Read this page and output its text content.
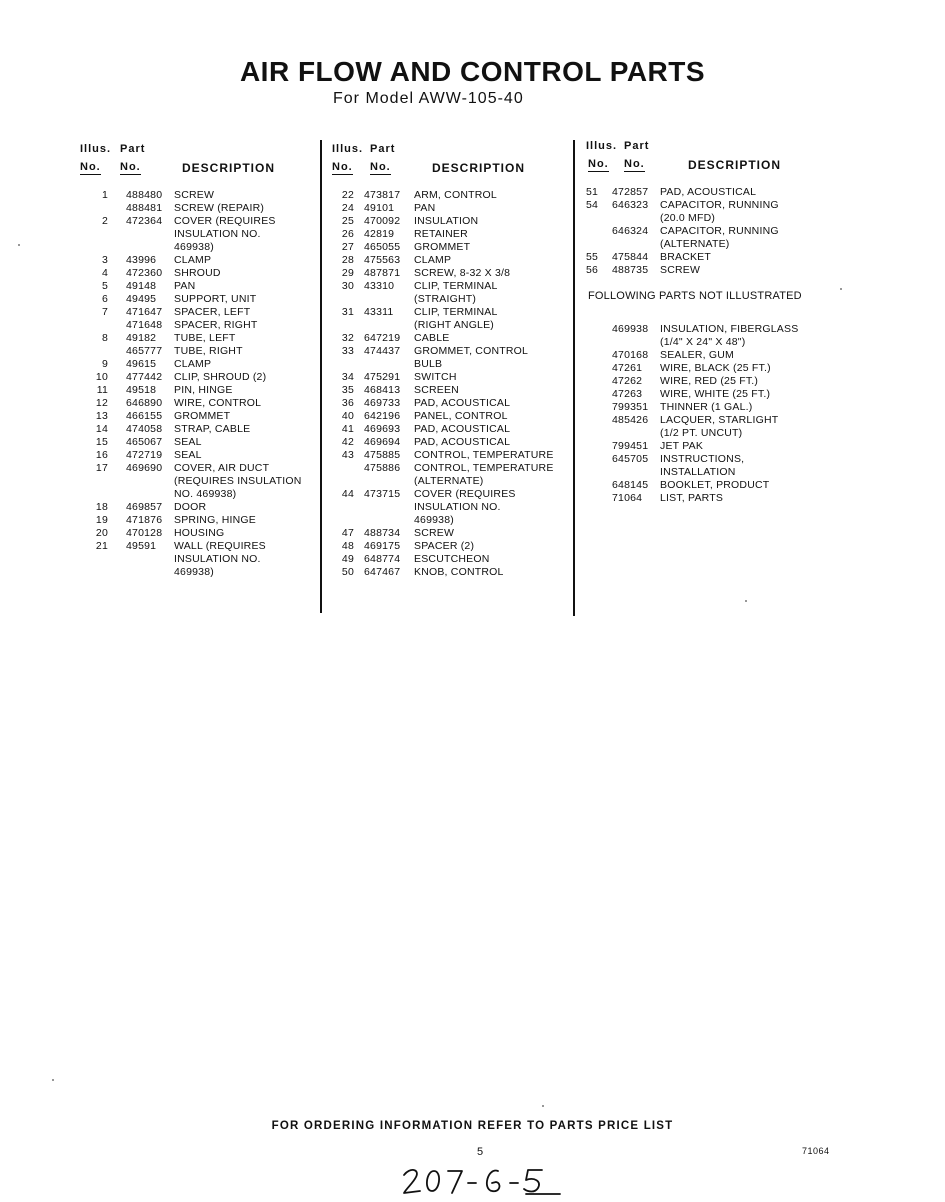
AIR FLOW AND CONTROL PARTS
For Model AWW-105-40
Illus. Part
No. No.	DESCRIPTION
1 488480 SCREW
488481 SCREW (REPAIR)
2 472364 COVER (REQUIRES
INSULATION NO.
469938)
3 43996 CLAMP
4 472360 SHROUD
5 49148 PAN
6 49495 SUPPORT, UNIT
7 471647 SPACER, LEFT
471648 SPACER, RIGHT
8 49182 TUBE, LEFT
465777 TUBE, RIGHT
9 49615 CLAMP
10 477442 CLIP, SHROUD (2)
11 49518 PIN, HINGE
12 646890 WIRE, CONTROL
13 466155 GROMMET
14 474058 STRAP, CABLE
15 465067 SEAL
16 472719 SEAL
17 469690 COVER, AIR DUCT
(REQUIRES INSULATION
NO. 469938)
18 469857 DOOR
19 471876 SPRING, HINGE
20 470128 HOUSING
21 49591 WALL (REQUIRES
INSULATION NO.
469938)
Illus. Part
No. No.	DESCRIPTION
22 473817 ARM, CONTROL
24 49101 PAN
25 470092 INSULATION
26 42819 RETAINER
27 465055 GROMMET
28 475563 CLAMP
29 487871 SCREW, 8-32 X 3/8
30 43310 CLIP, TERMINAL
(STRAIGHT)
31 43311 CLIP, TERMINAL
(RIGHT ANGLE)
32 647219 CABLE
33 474437 GROMMET, CONTROL
BULB
34 475291 SWITCH
35 468413 SCREEN
36 469733 PAD, ACOUSTICAL
40 642196 PANEL, CONTROL
41 469693 PAD, ACOUSTICAL
42 469694 PAD, ACOUSTICAL
43 475885 CONTROL, TEMPERATURE
475886 CONTROL, TEMPERATURE
(ALTERNATE)
44 473715 COVER (REQUIRES
INSULATION NO.
469938)
47 488734 SCREW
48 469175 SPACER (2)
49 648774 ESCUTCHEON
50 647467 KNOB, CONTROL
Illus. Part
No. No.	DESCRIPTION
51 472857 PAD, ACOUSTICAL
54 646323 CAPACITOR, RUNNING
(20.0 MFD)
646324 CAPACITOR, RUNNING
(ALTERNATE)
55 475844 BRACKET
56 488735 SCREW
FOLLOWING PARTS NOT ILLUSTRATED
469938 INSULATION, FIBERGLASS
(1/4" X 24" X 48")
470168 SEALER, GUM
47261 WIRE, BLACK (25 FT.)
47262 WIRE, RED (25 FT.)
47263 WIRE, WHITE (25 FT.)
799351 THINNER (1 GAL.)
485426 LACQUER, STARLIGHT
(1/2 PT. UNCUT)
799451 JET PAK
645705 INSTRUCTIONS,
INSTALLATION
648145 BOOKLET, PRODUCT
71064 LIST, PARTS
FOR ORDERING INFORMATION REFER TO PARTS PRICE LIST
5	71064
